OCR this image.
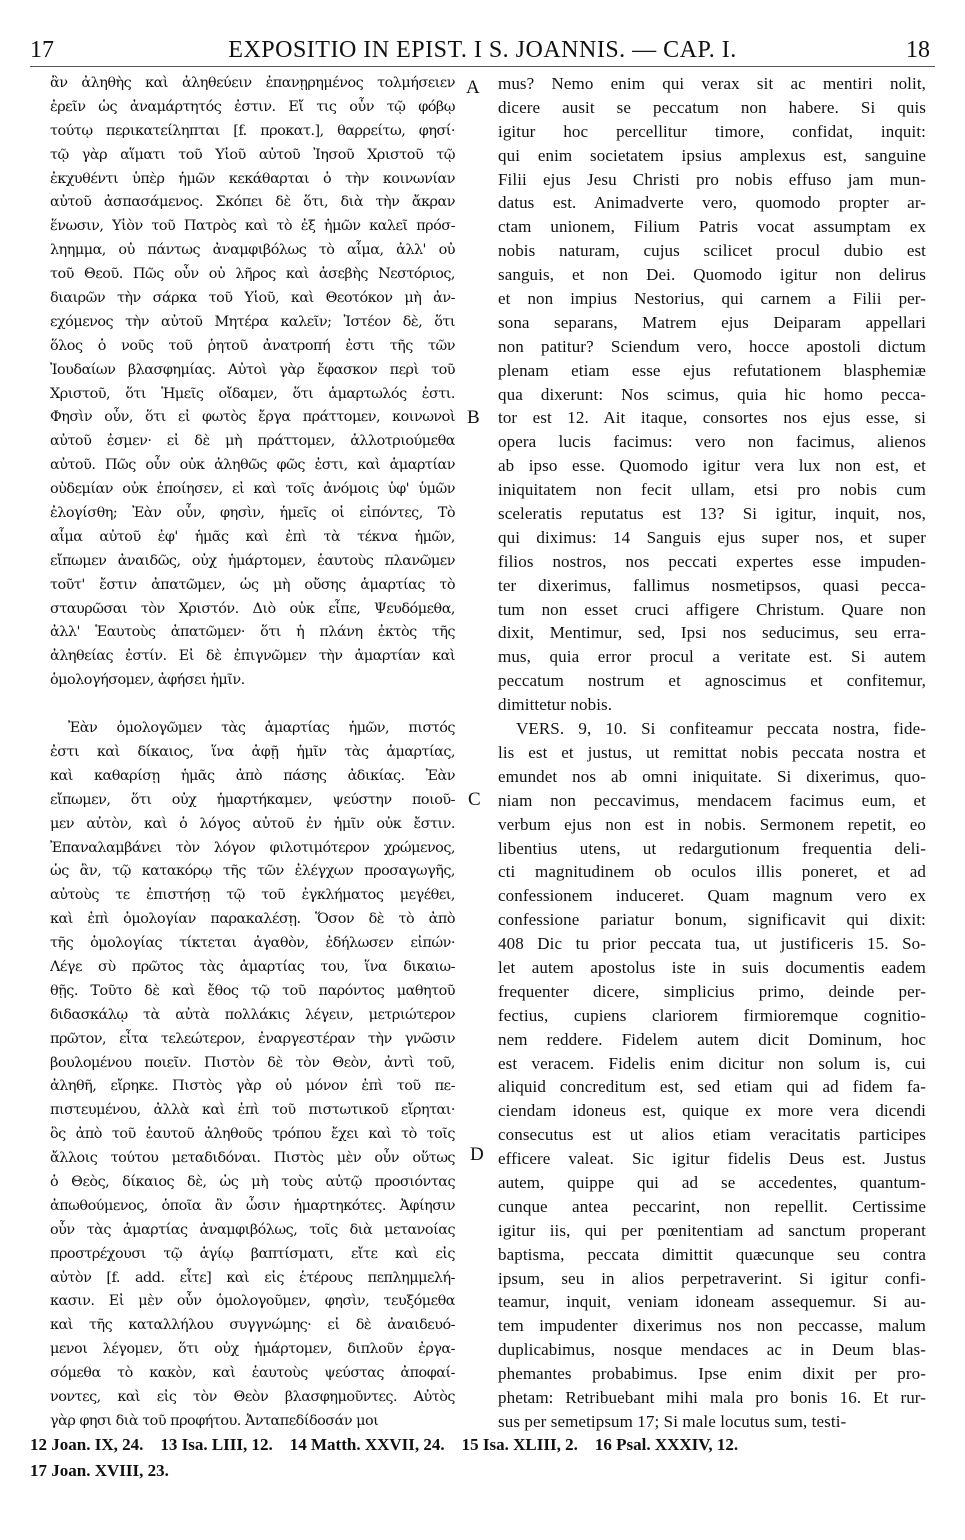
17	EXPOSITIO IN EPIST. I S. JOANNIS. — CAP. I.	18
ἂν ἀληθὴς καὶ ἀληθεύειν ἐπανῃρημένος τολμήσειεν
ἐρεῖν ὡς ἀναμάρτητός ἐστιν. Εἴ τις οὖν τῷ φόβῳ
τούτῳ περικατείληπται [f. προκατ.], θαρρείτω, φησί·
τῷ γὰρ αἵματι τοῦ Υἱοῦ αὐτοῦ Ἰησοῦ Χριστοῦ τῷ
ἐκχυθέντι ὑπὲρ ἡμῶν κεκάθαρται ὁ τὴν κοινωνίαν
αὐτοῦ ἀσπασάμενος. Σκόπει δὲ ὅτι, διὰ τὴν ἄκραν
ἕνωσιν, Υἱὸν τοῦ Πατρὸς καὶ τὸ ἐξ ἡμῶν καλεῖ πρόσ-
ληημμα, οὐ πάντως ἀναμφιβόλως τὸ αἷμα, ἀλλ' οὐ
τοῦ Θεοῦ. Πῶς οὖν οὐ λῆρος καὶ ἀσεβὴς Νεστόριος,
διαιρῶν τὴν σάρκα τοῦ Υἱοῦ, καὶ Θεοτόκον μὴ ἀν-
εχόμενος τὴν αὐτοῦ Μητέρα καλεῖν; Ἰστέον δὲ, ὅτι
ὅλος ὁ νοῦς τοῦ ῥητοῦ ἀνατροπή ἐστι τῆς τῶν
Ἰουδαίων βλασφημίας. Αὐτοὶ γὰρ ἔφασκον περὶ τοῦ
Χριστοῦ, ὅτι Ἡμεῖς οἴδαμεν, ὅτι ἁμαρτωλός ἐστι.
Φησὶν οὖν, ὅτι εἰ φωτὸς ἔργα πράττομεν, κοινωνοὶ
αὐτοῦ ἐσμεν· εἰ δὲ μὴ πράττομεν, ἀλλοτριούμεθα
αὐτοῦ. Πῶς οὖν οὐκ ἀληθῶς φῶς ἐστι, καὶ ἁμαρτίαν
οὐδεμίαν οὐκ ἐποίησεν, εἰ καὶ τοῖς ἀνόμοις ὑφ' ὑμῶν
ἐλογίσθη; Ἐὰν οὖν, φησὶν, ἡμεῖς οἱ εἰπόντες, Τὸ
αἷμα αὐτοῦ ἐφ' ἡμᾶς καὶ ἐπὶ τὰ τέκνα ἡμῶν,
εἴπωμεν ἀναιδῶς, οὐχ ἡμάρτομεν, ἑαυτοὺς πλανῶμεν
τοῦτ' ἔστιν ἀπατῶμεν, ὡς μὴ οὔσης ἁμαρτίας τὸ
σταυρῶσαι τὸν Χριστόν. Διὸ οὐκ εἶπε, Ψευδόμεθα,
ἀλλ' Ἑαυτοὺς ἀπατῶμεν· ὅτι ἡ πλάνη ἐκτὸς τῆς
ἀληθείας ἐστίν. Εἰ δὲ ἐπιγνῶμεν τὴν ἁμαρτίαν καὶ
ὁμολογήσομεν, ἀφήσει ἡμῖν.
Ἐὰν ὁμολογῶμεν τὰς ἁμαρτίας ἡμῶν, πιστός
ἐστι καὶ δίκαιος, ἵνα ἀφῇ ἡμῖν τὰς ἁμαρτίας,
καὶ καθαρίσῃ ἡμᾶς ἀπὸ πάσης ἀδικίας. Ἐὰν
εἴπωμεν, ὅτι οὐχ ἡμαρτήκαμεν, ψεύστην ποιοῦ-
μεν αὐτὸν, καὶ ὁ λόγος αὐτοῦ ἐν ἡμῖν οὐκ ἔστιν.
Ἐπαναλαμβάνει τὸν λόγον φιλοτιμότερον χρώμενος,
ὡς ἂν, τῷ κατακόρῳ τῆς τῶν ἐλέγχων προσαγωγῆς,
αὐτοὺς τε ἐπιστήσῃ τῷ τοῦ ἐγκλήματος μεγέθει,
καὶ ἐπὶ ὁμολογίαν παρακαλέσῃ. Ὅσον δὲ τὸ ἀπὸ
τῆς ὁμολογίας τίκτεται ἀγαθὸν, ἐδήλωσεν εἰπών·
Λέγε σὺ πρῶτος τὰς ἁμαρτίας του, ἵνα δικαιω-
θῇς. Τοῦτο δὲ καὶ ἔθος τῷ τοῦ παρόντος μαθητοῦ
διδασκάλῳ τὰ αὐτὰ πολλάκις λέγειν, μετριώτερον
πρῶτον, εἶτα τελεώτερον, ἐναργεστέραν τὴν γνῶσιν
βουλομένου ποιεῖν. Πιστὸν δὲ τὸν Θεὸν, ἀντὶ τοῦ,
ἀληθῆ, εἴρηκε. Πιστὸς γὰρ οὐ μόνον ἐπὶ τοῦ πε-
πιστευμένου, ἀλλὰ καὶ ἐπὶ τοῦ πιστωτικοῦ εἴρηται·
ὃς ἀπὸ τοῦ ἑαυτοῦ ἀληθοῦς τρόπου ἔχει καὶ τὸ τοῖς
ἄλλοις τούτου μεταδιδόναι. Πιστὸς μὲν οὖν οὕτως
ὁ Θεὸς, δίκαιος δὲ, ὡς μὴ τοὺς αὐτῷ προσιόντας
ἀπωθούμενος, ὁποῖα ἂν ὦσιν ἡμαρτηκότες. Ἀφίησιν
οὖν τὰς ἁμαρτίας ἀναμφιβόλως, τοῖς διὰ μετανοίας
προστρέχουσι τῷ ἁγίῳ βαπτίσματι, εἴτε καὶ εἰς
αὐτὸν [f. add. εἶτε] καὶ εἰς ἑτέρους πεπλημμελή-
κασιν. Εἰ μὲν οὖν ὁμολογοῦμεν, φησὶν, τευξόμεθα
καὶ τῆς καταλλήλου συγγνώμης· εἰ δὲ ἀναιδευό-
μενοι λέγομεν, ὅτι οὐχ ἡμάρτομεν, διπλοῦν ἐργα-
σόμεθα τὸ κακὸν, καὶ ἑαυτοὺς ψεύστας ἀποφαί-
νοντες, καὶ εἰς τὸν Θεὸν βλασφημοῦντες. Αὐτὸς
γὰρ φησι διὰ τοῦ προφήτου. Ἀνταπεδίδοσάν μοι
mus? Nemo enim qui verax sit ac mentiri nolit,
dicere ausit se peccatum non habere. Si quis
igitur hoc percellitur timore, confidat, inquit:
qui enim societatem ipsius amplexus est, sanguine
Filii ejus Jesu Christi pro nobis effuso jam mun-
datus est. Animadverte vero, quomodo propter ar-
ctam unionem, Filium Patris vocat assumptam ex
nobis naturam, cujus scilicet procul dubio est
sanguis, et non Dei. Quomodo igitur non delirus
et non impius Nestorius, qui carnem a Filii per-
sona separans, Matrem ejus Deiparam appellari
non patitur? Sciendum vero, hocce apostoli dictum
plenam etiam esse ejus refutationem blasphemiæ
qua dixerunt: Nos scimus, quia hic homo pecca-
tor est 12. Ait itaque, consortes nos ejus esse, si
opera lucis facimus: vero non facimus, alienos
ab ipso esse. Quomodo igitur vera lux non est, et
iniquitatem non fecit ullam, etsi pro nobis cum
sceleratis reputatus est 13? Si igitur, inquit, nos,
qui diximus: 14 Sanguis ejus super nos, et super
filios nostros, nos peccati expertes esse impuden-
ter dixerimus, fallimus nosmetipsos, quasi pecca-
tum non esset cruci affigere Christum. Quare non
dixit, Mentimur, sed, Ipsi nos seducimus, seu erra-
mus, quia error procul a veritate est. Si autem
peccatum nostrum et agnoscimus et confitemur,
dimittetur nobis.
VERS. 9, 10. Si confiteamur peccata nostra, fide-
lis est et justus, ut remittat nobis peccata nostra et
emundet nos ab omni iniquitate. Si dixerimus, quo-
niam non peccavimus, mendacem facimus eum, et
verbum ejus non est in nobis. Sermonem repetit, eo
libentius utens, ut redargutionum frequentia deli-
cti magnitudinem ob oculos illis poneret, et ad
confessionem induceret. Quam magnum vero ex
confessione pariatur bonum, significavit qui dixit:
408 Dic tu prior peccata tua, ut justificeris 15. So-
let autem apostolus iste in suis documentis eadem
frequenter dicere, simplicius primo, deinde per-
fectius, cupiens clariorem firmioremque cognitio-
nem reddere. Fidelem autem dicit Dominum, hoc
est veracem. Fidelis enim dicitur non solum is, cui
aliquid concreditum est, sed etiam qui ad fidem fa-
ciendam idoneus est, quique ex more vera dicendi
consecutus est ut alios etiam veracitatis participes
efficere valeat. Sic igitur fidelis Deus est. Justus
autem, quippe qui ad se accedentes, quantum-
cunque antea peccarint, non repellit. Certissime
igitur iis, qui per pœnitentiam ad sanctum properant
baptisma, peccata dimittit quæcunque seu contra
ipsum, seu in alios perpetraverint. Si igitur confi-
teamur, inquit, veniam idoneam assequemur. Si au-
tem impudenter dixerimus nos non peccasse, malum
duplicabimus, nosque mendaces ac in Deum blas-
phemantes probabimus. Ipse enim dixit per pro-
phetam: Retribuebant mihi mala pro bonis 16. Et rur-
sus per semetipsum 17; Si male locutus sum, testi-
A
B
C
D
12 Joan. IX, 24.    13 Isa. LIII, 12.    14 Matth. XXVII, 24.    15 Isa. XLIII, 2.    16 Psal. XXXIV, 12.
17 Joan. XVIII, 23.
